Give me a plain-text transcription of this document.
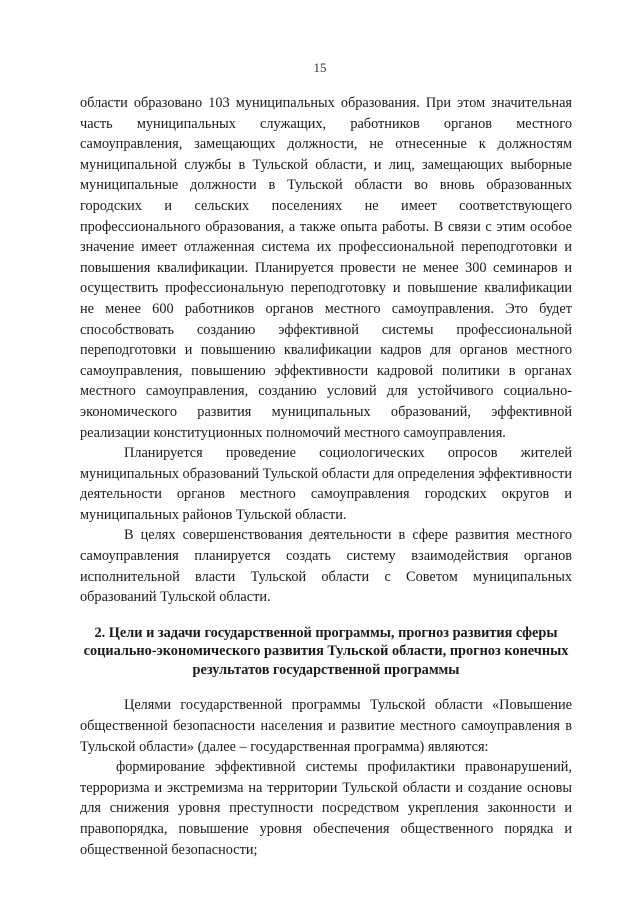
15

области образовано 103 муниципальных образования. При этом значительная часть муниципальных служащих, работников органов местного самоуправления, замещающих должности, не отнесенные к должностям муниципальной службы в Тульской области, и лиц, замещающих выборные муниципальные должности в Тульской области во вновь образованных городских и сельских поселениях не имеет соответствующего профессионального образования, а также опыта работы. В связи с этим особое значение имеет отлаженная система их профессиональной переподготовки и повышения квалификации. Планируется провести не менее 300 семинаров и осуществить профессиональную переподготовку и повышение квалификации не менее 600 работников органов местного самоуправления. Это будет способствовать созданию эффективной системы профессиональной переподготовки и повышению квалификации кадров для органов местного самоуправления, повышению эффективности кадровой политики в органах местного самоуправления, созданию условий для устойчивого социально-экономического развития муниципальных образований, эффективной реализации конституционных полномочий местного самоуправления.

Планируется проведение социологических опросов жителей муниципальных образований Тульской области для определения эффективности деятельности органов местного самоуправления городских округов и муниципальных районов Тульской области.

В целях совершенствования деятельности в сфере развития местного самоуправления планируется создать систему взаимодействия органов исполнительной власти Тульской области с Советом муниципальных образований Тульской области.

2. Цели и задачи государственной программы, прогноз развития сферы социально-экономического развития Тульской области, прогноз конечных результатов государственной программы

Целями государственной программы Тульской области «Повышение общественной безопасности населения и развитие местного самоуправления в Тульской области» (далее – государственная программа) являются:

формирование эффективной системы профилактики правонарушений, терроризма и экстремизма на территории Тульской области и создание основы для снижения уровня преступности посредством укрепления законности и правопорядка, повышение уровня обеспечения общественного порядка и общественной безопасности;
